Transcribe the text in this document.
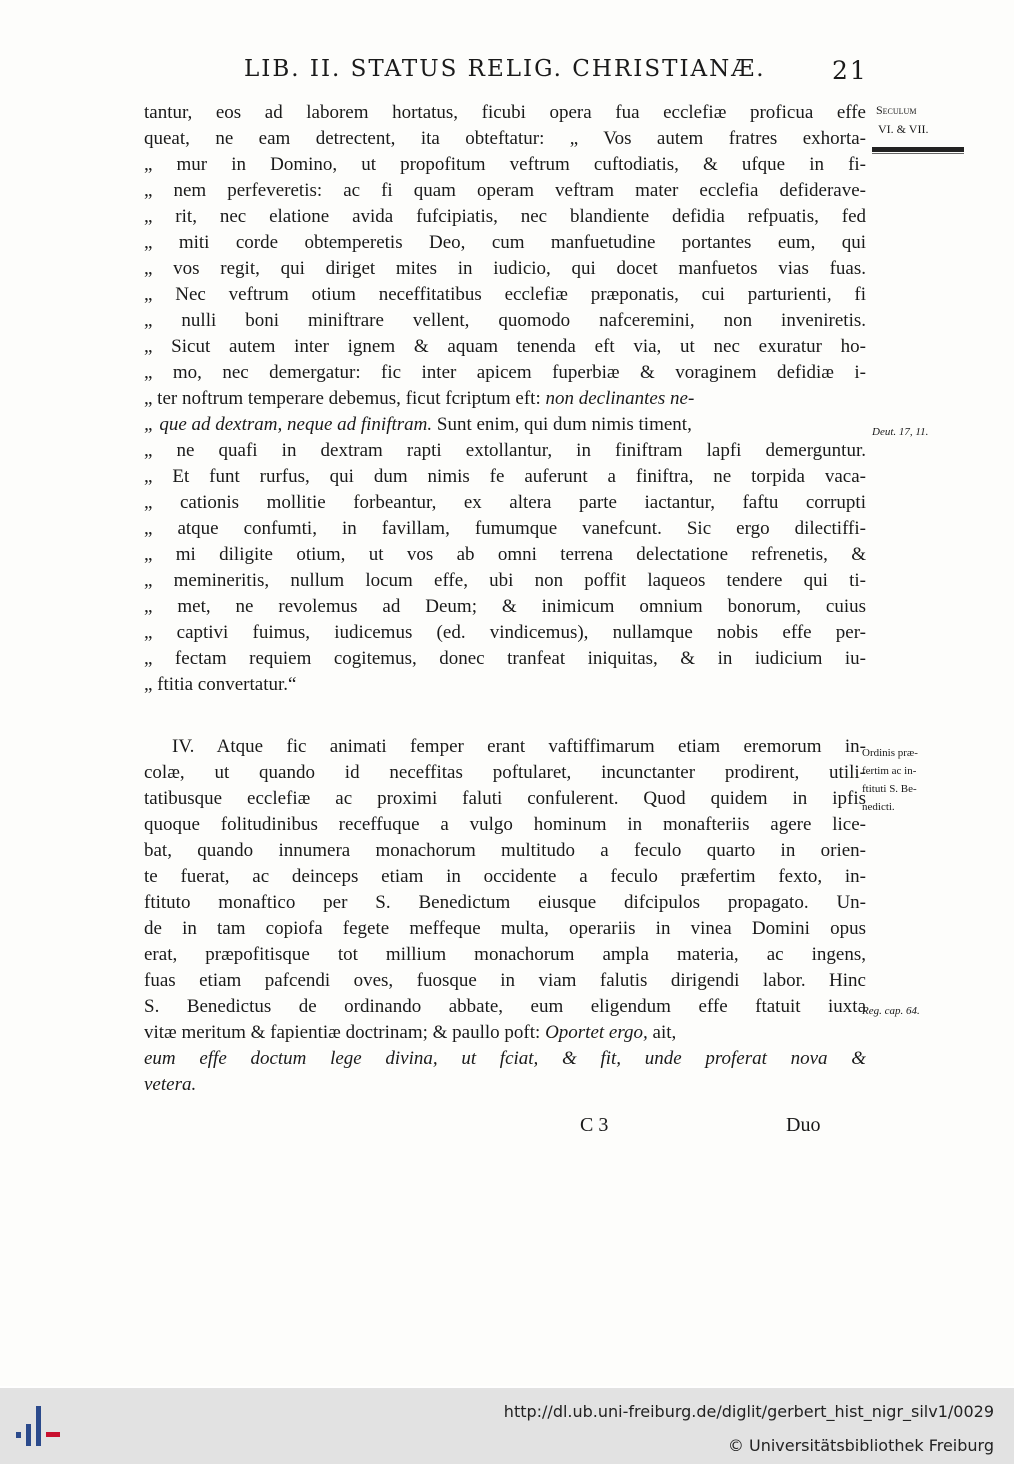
LIB. II. STATUS RELIG. CHRISTIANÆ.	21
Seculum
VI. & VII.
Deut. 17, 11.
Ordinis præ-
fertim ac in-
ftituti S. Be-
nedicti.
Reg. cap. 64.
tantur, eos ad laborem hortatus, ficubi opera fua ecclefiæ proficua effe
queat, ne eam detrectent, ita obteftatur: „ Vos autem fratres exhorta-
„ mur in Domino, ut propofitum veftrum cuftodiatis, & ufque in fi-
„ nem perfeveretis: ac fi quam operam veftram mater ecclefia defiderave-
„ rit, nec elatione avida fufcipiatis, nec blandiente defidia refpuatis, fed
„ miti corde obtemperetis Deo, cum manfuetudine portantes eum, qui
„ vos regit, qui diriget mites in iudicio, qui docet manfuetos vias fuas.
„ Nec veftrum otium neceffitatibus ecclefiæ præponatis, cui parturienti, fi
„ nulli boni miniftrare vellent, quomodo nafceremini, non inveniretis.
„ Sicut autem inter ignem & aquam tenenda eft via, ut nec exuratur ho-
„ mo, nec demergatur: fic inter apicem fuperbiæ & voraginem defidiæ i-
„ ter noftrum temperare debemus, ficut fcriptum eft: non declinantes ne-
„ que ad dextram, neque ad finiftram. Sunt enim, qui dum nimis timent,
„ ne quafi in dextram rapti extollantur, in finiftram lapfi demerguntur.
„ Et funt rurfus, qui dum nimis fe auferunt a finiftra, ne torpida vaca-
„ cationis mollitie forbeantur, ex altera parte iactantur, faftu corrupti
„ atque confumti, in favillam, fumumque vanefcunt. Sic ergo dilectiffi-
„ mi diligite otium, ut vos ab omni terrena delectatione refrenetis, &
„ memineritis, nullum locum effe, ubi non poffit laqueos tendere qui ti-
„ met, ne revolemus ad Deum; & inimicum omnium bonorum, cuius
„ captivi fuimus, iudicemus (ed. vindicemus), nullamque nobis effe per-
„ fectam requiem cogitemus, donec tranfeat iniquitas, & in iudicium iu-
„ ftitia convertatur.“
IV. Atque fic animati femper erant vaftiffimarum etiam eremorum in-
colæ, ut quando id neceffitas poftularet, incunctanter prodirent, utili-
tatibusque ecclefiæ ac proximi faluti confulerent. Quod quidem in ipfis
quoque folitudinibus receffuque a vulgo hominum in monafteriis agere lice-
bat, quando innumera monachorum multitudo a feculo quarto in orien-
te fuerat, ac deinceps etiam in occidente a feculo præfertim fexto, in-
ftituto monaftico per S. Benedictum eiusque difcipulos propagato. Un-
de in tam copiofa fegete meffeque multa, operariis in vinea Domini opus
erat, præpofitisque tot millium monachorum ampla materia, ac ingens,
fuas etiam pafcendi oves, fuosque in viam falutis dirigendi labor. Hinc
S. Benedictus de ordinando abbate, eum eligendum effe ftatuit iuxta
vitæ meritum & fapientiæ doctrinam; & paullo poft: Oportet ergo, ait,
eum effe doctum lege divina, ut fciat, & fit, unde proferat nova &
vetera.
C 3	Duo
http://dl.ub.uni-freiburg.de/diglit/gerbert_hist_nigr_silv1/0029
© Universitätsbibliothek Freiburg
